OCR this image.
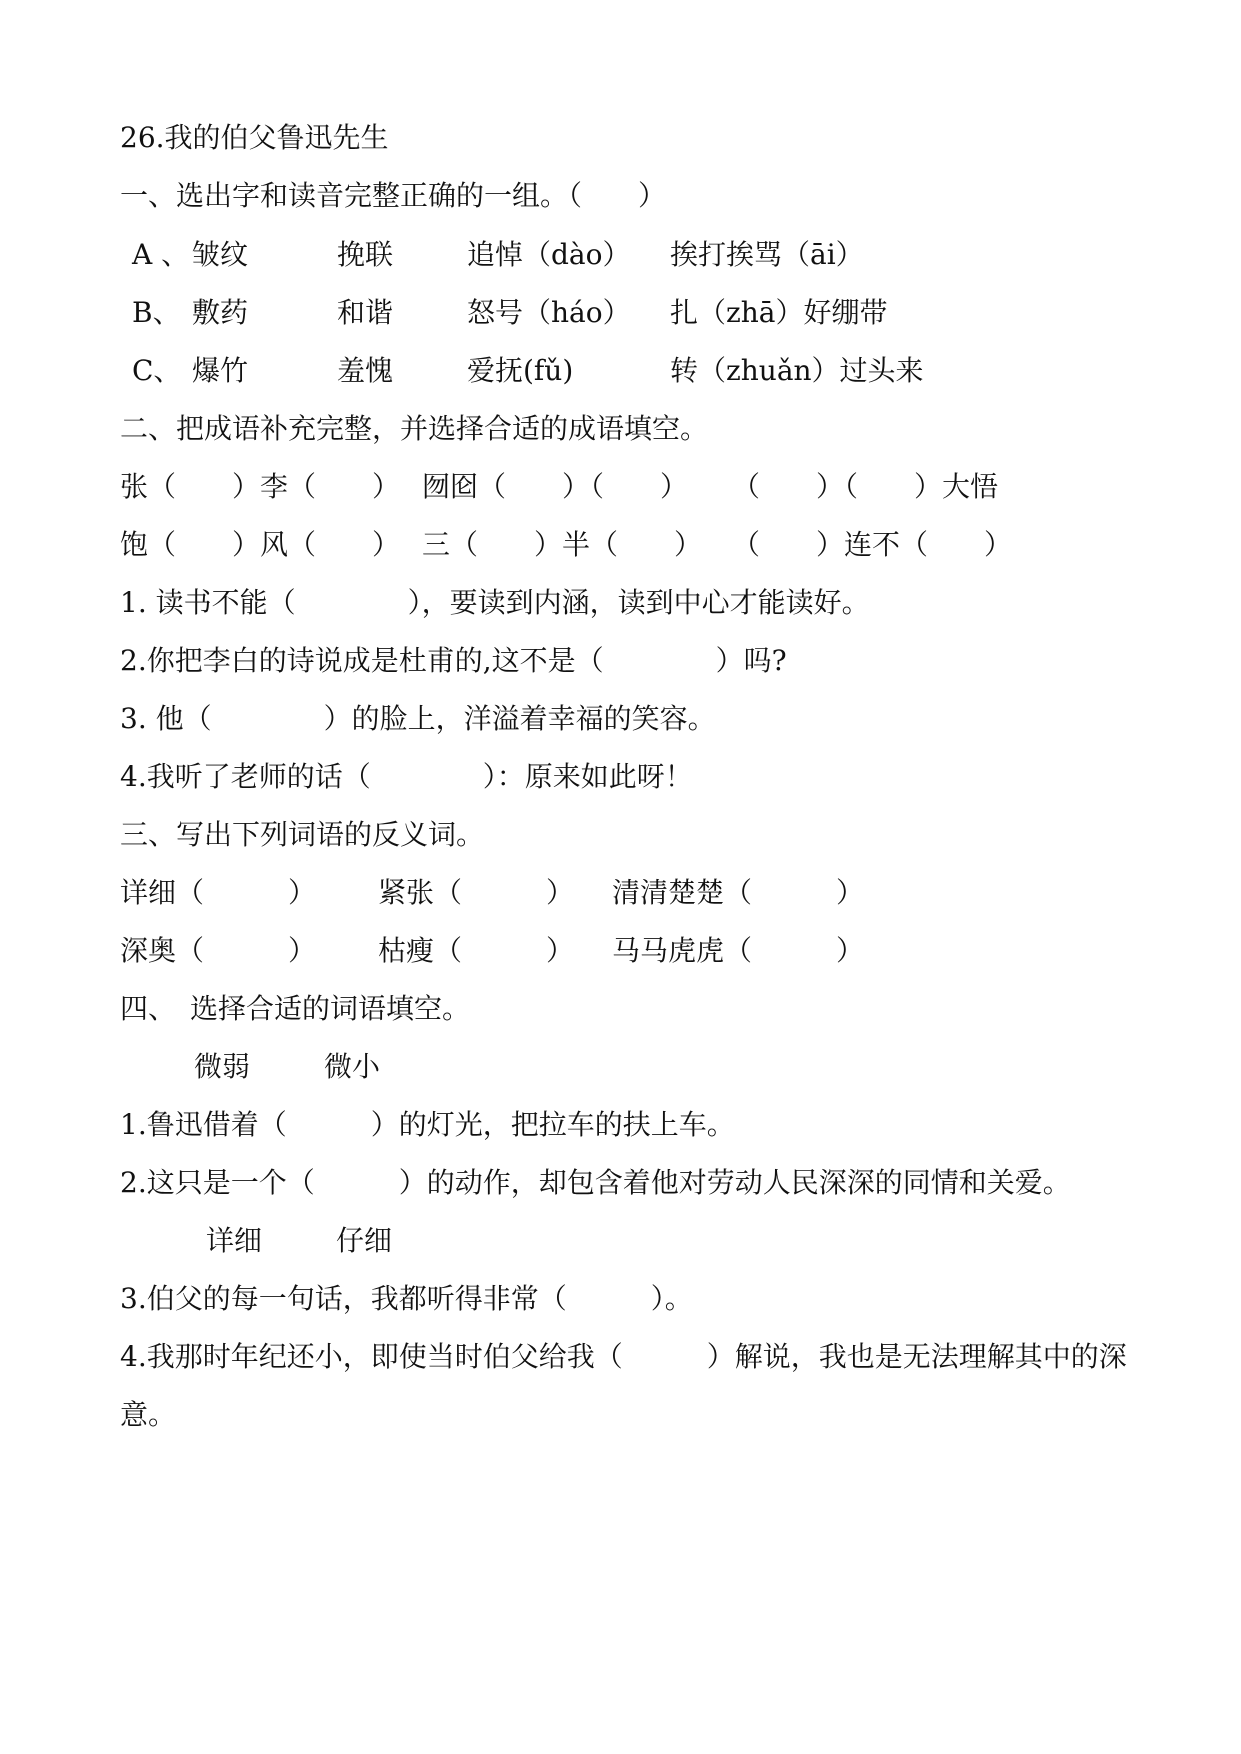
26.我的伯父鲁迅先生
一、选出字和读音完整正确的一组。（　　）
A 、 皱纹	挽联	追悼（dào） 挨打挨骂（āi）
B、 敷药	和谐	怒号（háo） 扎（zhā）好绷带
C、 爆竹	羞愧	爱抚(fǔ)	转（zhuǎn）过头来
二、把成语补充完整，并选择合适的成语填空。
张（　　）李（　　） 囫囵（　　）（　　） （　　）（　　）大悟
饱（　　）风（　　） 三（　　）半（　　） （　　）连不（　　）
1. 读书不能（　　　　），要读到内涵，读到中心才能读好。
2.你把李白的诗说成是杜甫的,这不是（　　　　）吗?
3. 他（　　　　）的脸上，洋溢着幸福的笑容。
4.我听了老师的话（　　　　）：原来如此呀！
三、写出下列词语的反义词。
详细（　　　） 紧张（　　　） 清清楚楚（　　　）
深奥（　　　） 枯瘦（　　　） 马马虎虎（　　　）
四、　选择合适的词语填空。
微弱	微小
1.鲁迅借着（　　　）的灯光，把拉车的扶上车。
2.这只是一个（　　　）的动作，却包含着他对劳动人民深深的同情和关爱。
详细	仔细
3.伯父的每一句话，我都听得非常（　　　）。
4.我那时年纪还小，即使当时伯父给我（　　　）解说，我也是无法理解其中的深
意。
